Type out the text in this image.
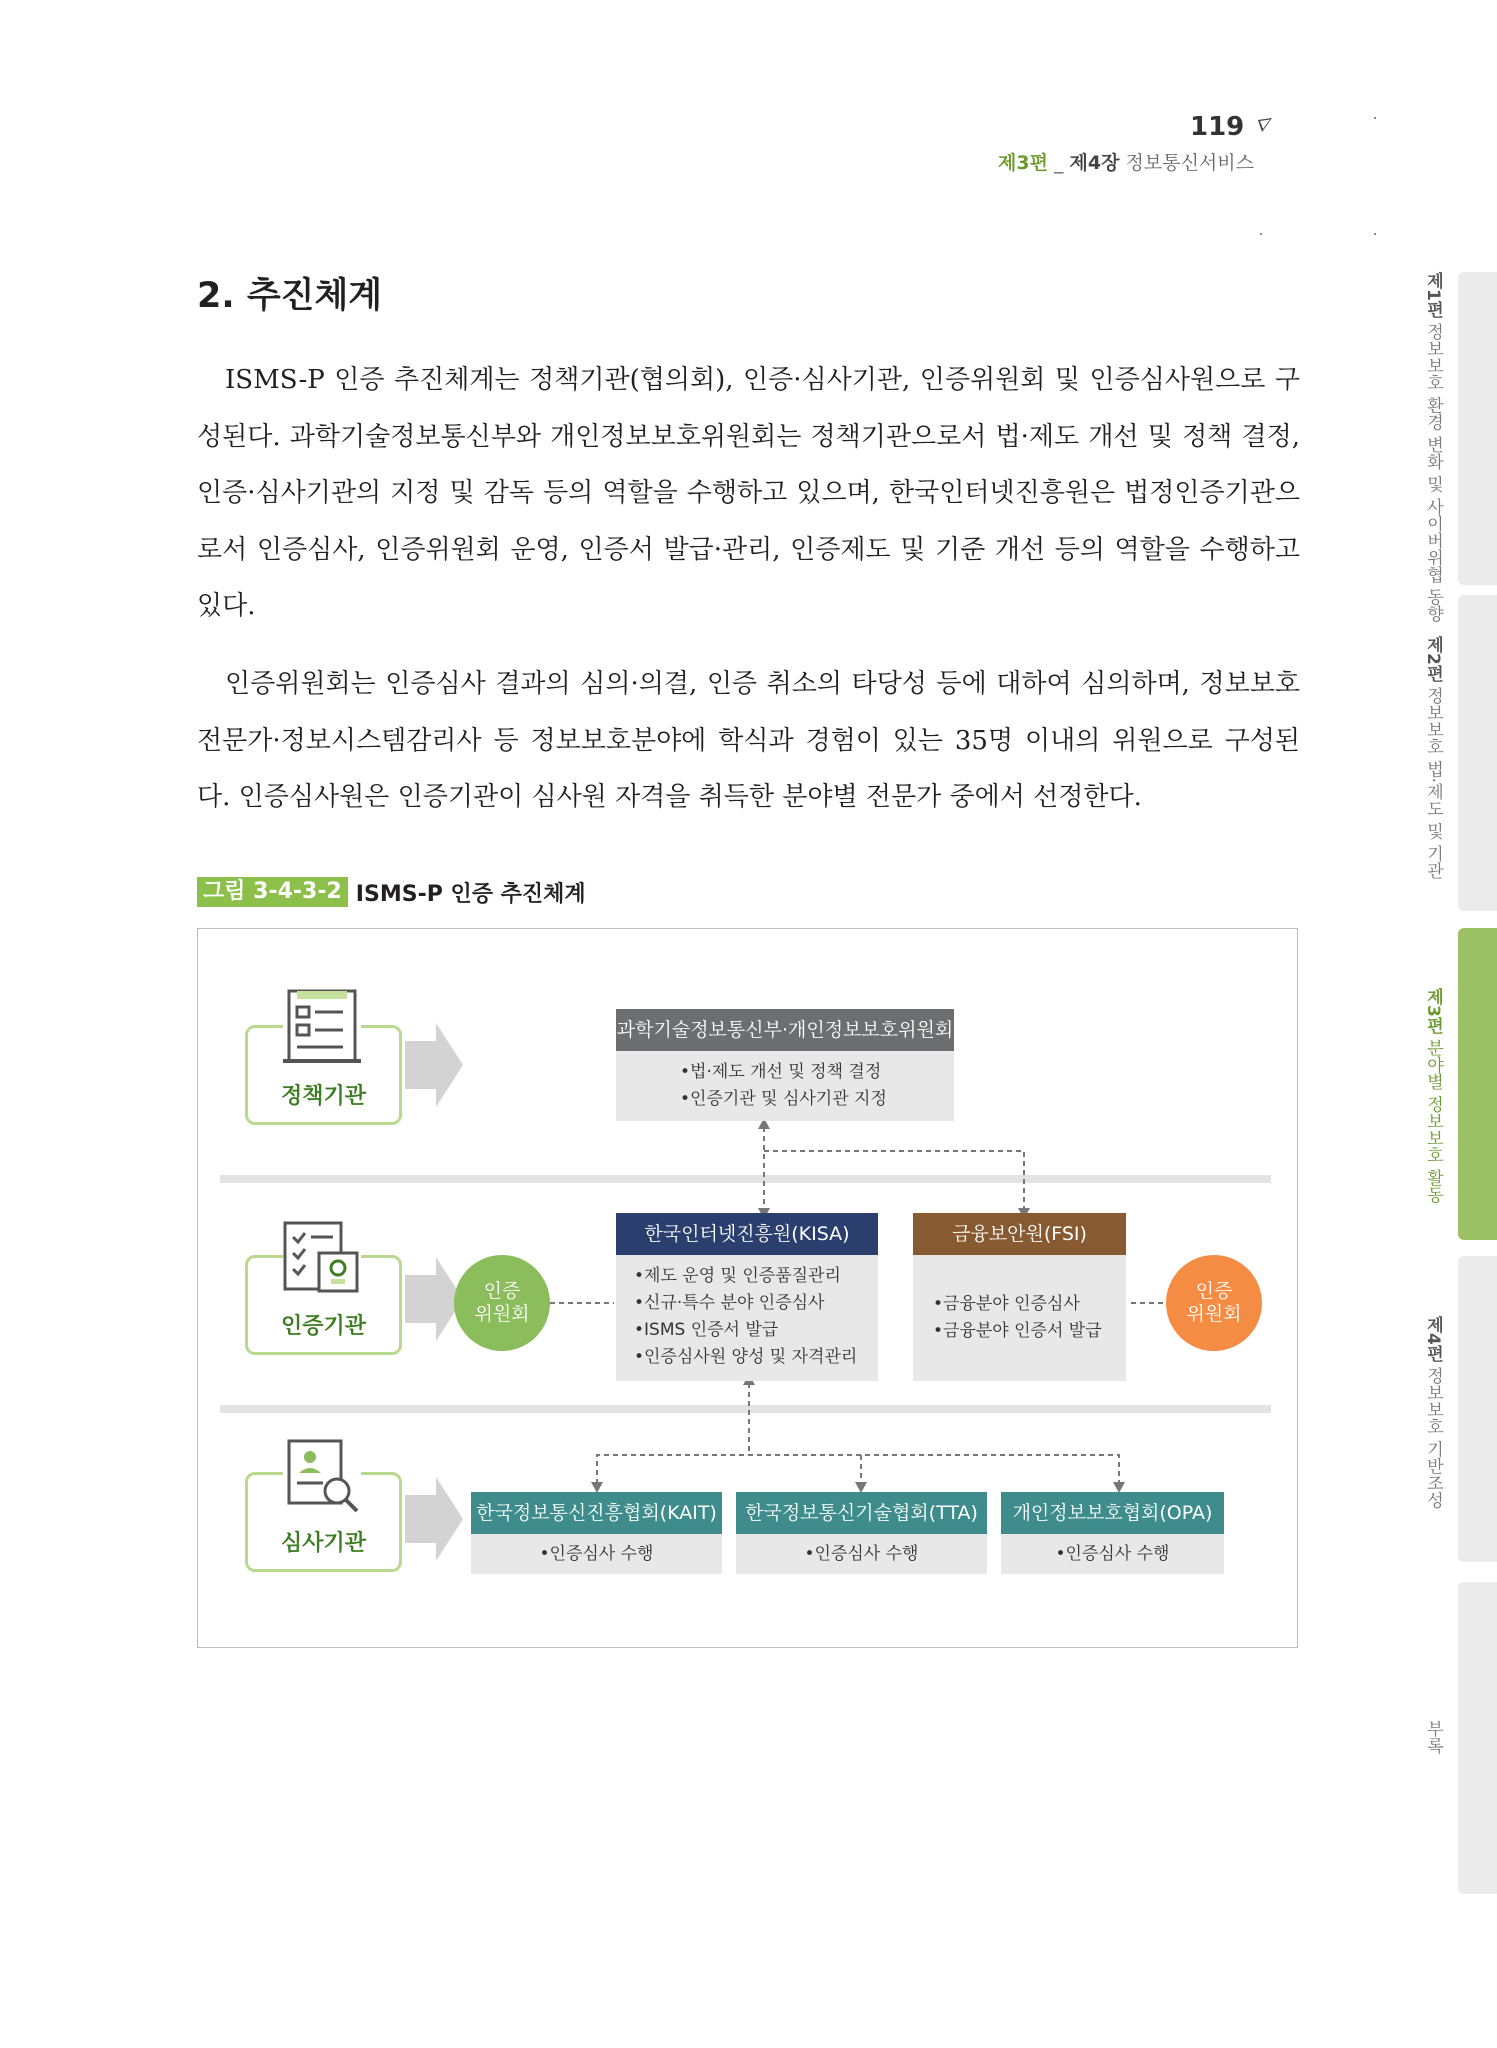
119
제3편 _ 제4장 정보통신서비스
제1편 정보보호 환경 변화 및 사이버위협 동향
제2편 정보보호 법·제도 및 기관
제3편 분야별 정보보호 활동
제4편 정보보호 기반조성
부록
2. 추진체계

ISMS-P 인증 추진체계는 정책기관(협의회), 인증·심사기관, 인증위원회 및 인증심사원으로 구성된다. 과학기술정보통신부와 개인정보보호위원회는 정책기관으로서 법·제도 개선 및 정책 결정, 인증·심사기관의 지정 및 감독 등의 역할을 수행하고 있으며, 한국인터넷진흥원은 법정인증기관으로서 인증심사, 인증위원회 운영, 인증서 발급·관리, 인증제도 및 기준 개선 등의 역할을 수행하고 있다.

인증위원회는 인증심사 결과의 심의·의결, 인증 취소의 타당성 등에 대하여 심의하며, 정보보호 전문가·정보시스템감리사 등 정보보호분야에 학식과 경험이 있는 35명 이내의 위원으로 구성된다. 인증심사원은 인증기관이 심사원 자격을 취득한 분야별 전문가 중에서 선정한다.

그림 3-4-3-2 ISMS-P 인증 추진체계
정책기관
과학기술정보통신부·개인정보보호위원회
•법·제도 개선 및 정책 결정
•인증기관 및 심사기관 지정
인증기관
인증
위원회
한국인터넷진흥원(KISA)
•제도 운영 및 인증품질관리
•신규·특수 분야 인증심사
•ISMS 인증서 발급
•인증심사원 양성 및 자격관리
금융보안원(FSI)
•금융분야 인증심사
•금융분야 인증서 발급
인증
위원회
심사기관
한국정보통신진흥협회(KAIT)
•인증심사 수행
한국정보통신기술협회(TTA)
•인증심사 수행
개인정보보호협회(OPA)
•인증심사 수행
